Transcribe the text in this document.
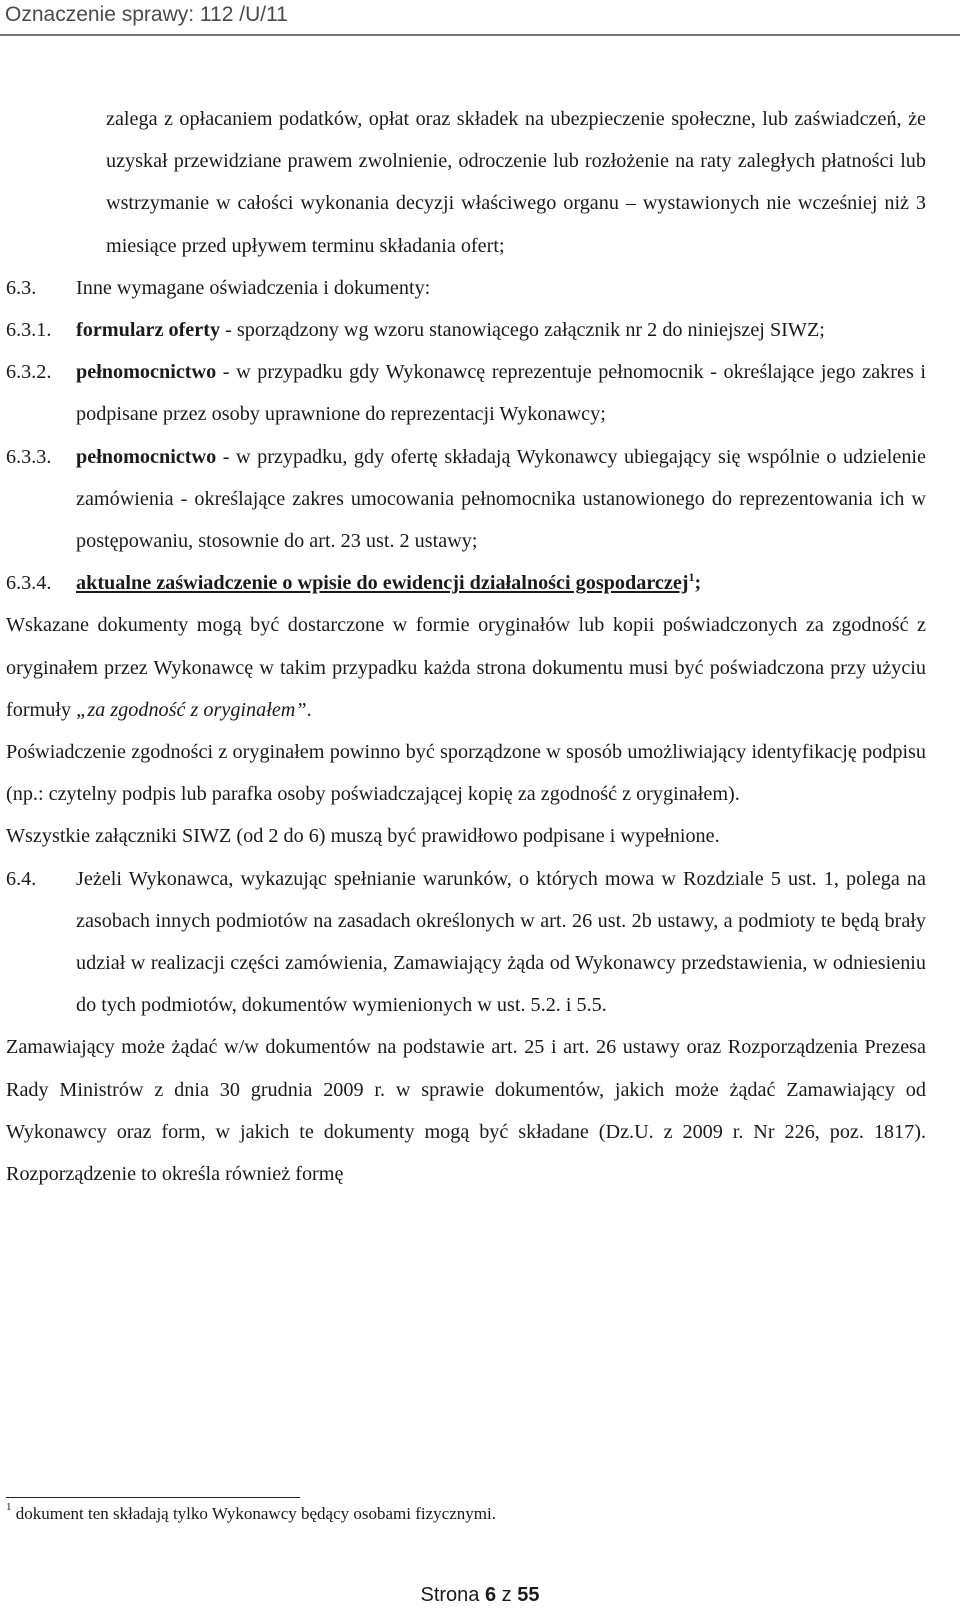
Oznaczenie sprawy: 112 /U/11

zalega z opłacaniem podatków, opłat oraz składek na ubezpieczenie społeczne, lub zaświadczeń, że uzyskał przewidziane prawem zwolnienie, odroczenie lub rozłożenie na raty zaległych płatności lub wstrzymanie w całości wykonania decyzji właściwego organu – wystawionych nie wcześniej niż 3 miesiące przed upływem terminu składania ofert;

6.3.	Inne wymagane oświadczenia i dokumenty:
6.3.1.	formularz oferty - sporządzony wg wzoru stanowiącego załącznik nr 2 do niniejszej SIWZ;
6.3.2.	pełnomocnictwo - w przypadku gdy Wykonawcę reprezentuje pełnomocnik - określające jego zakres i podpisane przez osoby uprawnione do reprezentacji Wykonawcy;
6.3.3.	pełnomocnictwo - w przypadku, gdy ofertę składają Wykonawcy ubiegający się wspólnie o udzielenie zamówienia - określające zakres umocowania pełnomocnika ustanowionego do reprezentowania ich w postępowaniu, stosownie do art. 23 ust. 2 ustawy;
6.3.4.	aktualne zaświadczenie o wpisie do ewidencji działalności gospodarczej$^1$;

Wskazane dokumenty mogą być dostarczone w formie oryginałów lub kopii poświadczonych za zgodność z oryginałem przez Wykonawcę w takim przypadku każda strona dokumentu musi być poświadczona przy użyciu formuły „za zgodność z oryginałem”.

Poświadczenie zgodności z oryginałem powinno być sporządzone w sposób umożliwiający identyfikację podpisu (np.: czytelny podpis lub parafka osoby poświadczającej kopię za zgodność z oryginałem).

Wszystkie załączniki SIWZ (od 2 do 6) muszą być prawidłowo podpisane i wypełnione.

6.4.	Jeżeli Wykonawca, wykazując spełnianie warunków, o których mowa w Rozdziale 5 ust. 1, polega na zasobach innych podmiotów na zasadach określonych w art. 26 ust. 2b ustawy, a podmioty te będą brały udział w realizacji części zamówienia, Zamawiający żąda od Wykonawcy przedstawienia, w odniesieniu do tych podmiotów, dokumentów wymienionych w ust. 5.2. i 5.5.

Zamawiający może żądać w/w dokumentów na podstawie art. 25 i art. 26 ustawy oraz Rozporządzenia Prezesa Rady Ministrów z dnia 30 grudnia 2009 r. w sprawie dokumentów, jakich może żądać Zamawiający od Wykonawcy oraz form, w jakich te dokumenty mogą być składane (Dz.U. z 2009 r. Nr 226, poz. 1817). Rozporządzenie to określa również formę

$^1$ dokument ten składają tylko Wykonawcy będący osobami fizycznymi.
Strona 6 z 55
